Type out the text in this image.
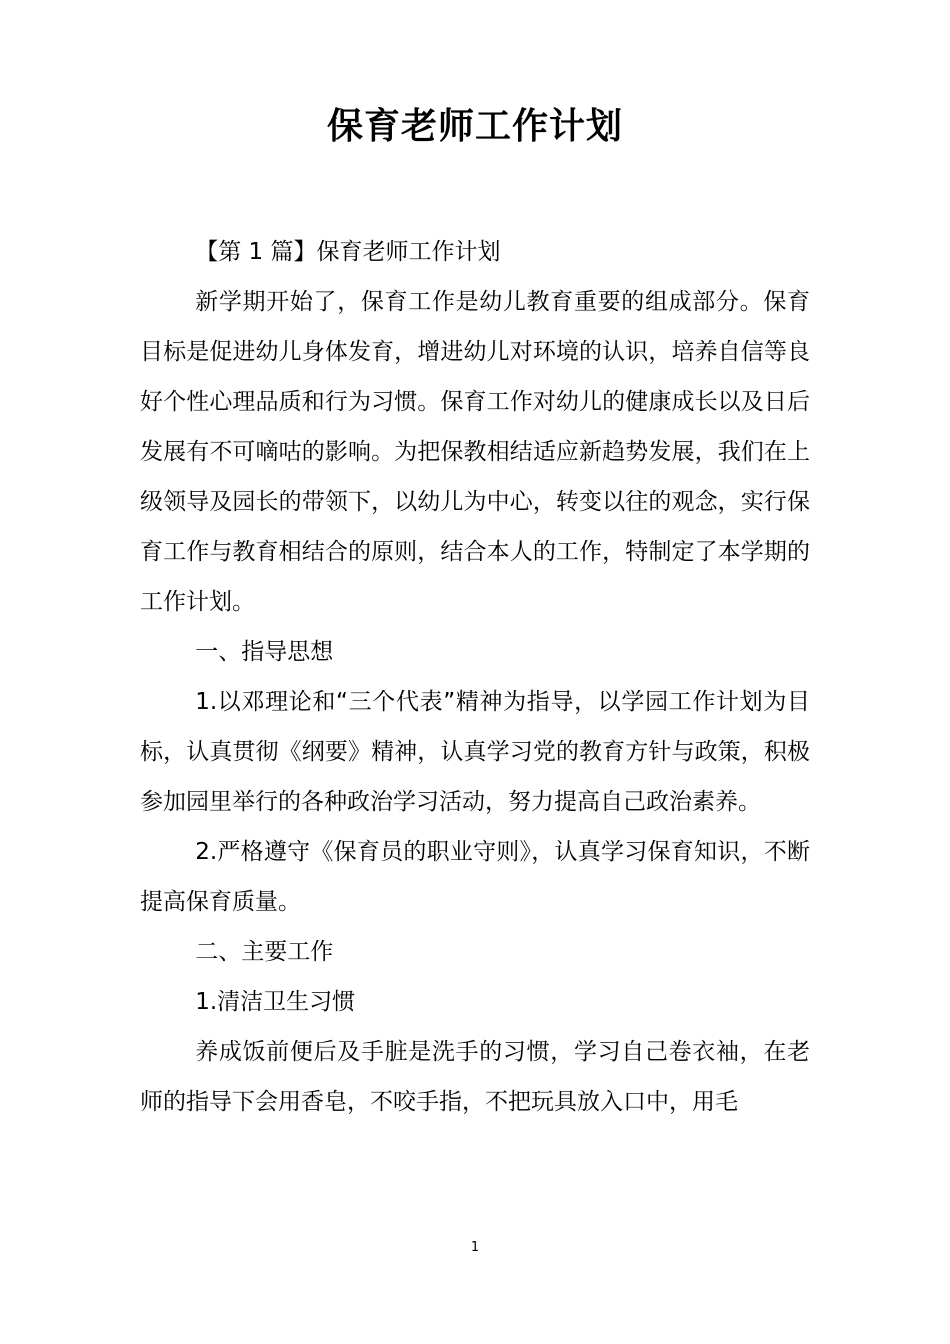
保育老师工作计划

【第 1 篇】保育老师工作计划

新学期开始了，保育工作是幼儿教育重要的组成部分。保育目标是促进幼儿身体发育，增进幼儿对环境的认识，培养自信等良好个性心理品质和行为习惯。保育工作对幼儿的健康成长以及日后发展有不可嘀咕的影响。为把保教相结适应新趋势发展，我们在上级领导及园长的带领下，以幼儿为中心，转变以往的观念，实行保育工作与教育相结合的原则，结合本人的工作，特制定了本学期的工作计划。

一、指导思想

1.以邓理论和“三个代表”精神为指导，以学园工作计划为目标，认真贯彻《纲要》精神，认真学习党的教育方针与政策，积极参加园里举行的各种政治学习活动，努力提高自己政治素养。

2.严格遵守《保育员的职业守则》，认真学习保育知识，不断提高保育质量。

二、主要工作

1.清洁卫生习惯

养成饭前便后及手脏是洗手的习惯，学习自己卷衣袖，在老师的指导下会用香皂，不咬手指，不把玩具放入口中，用毛

1
